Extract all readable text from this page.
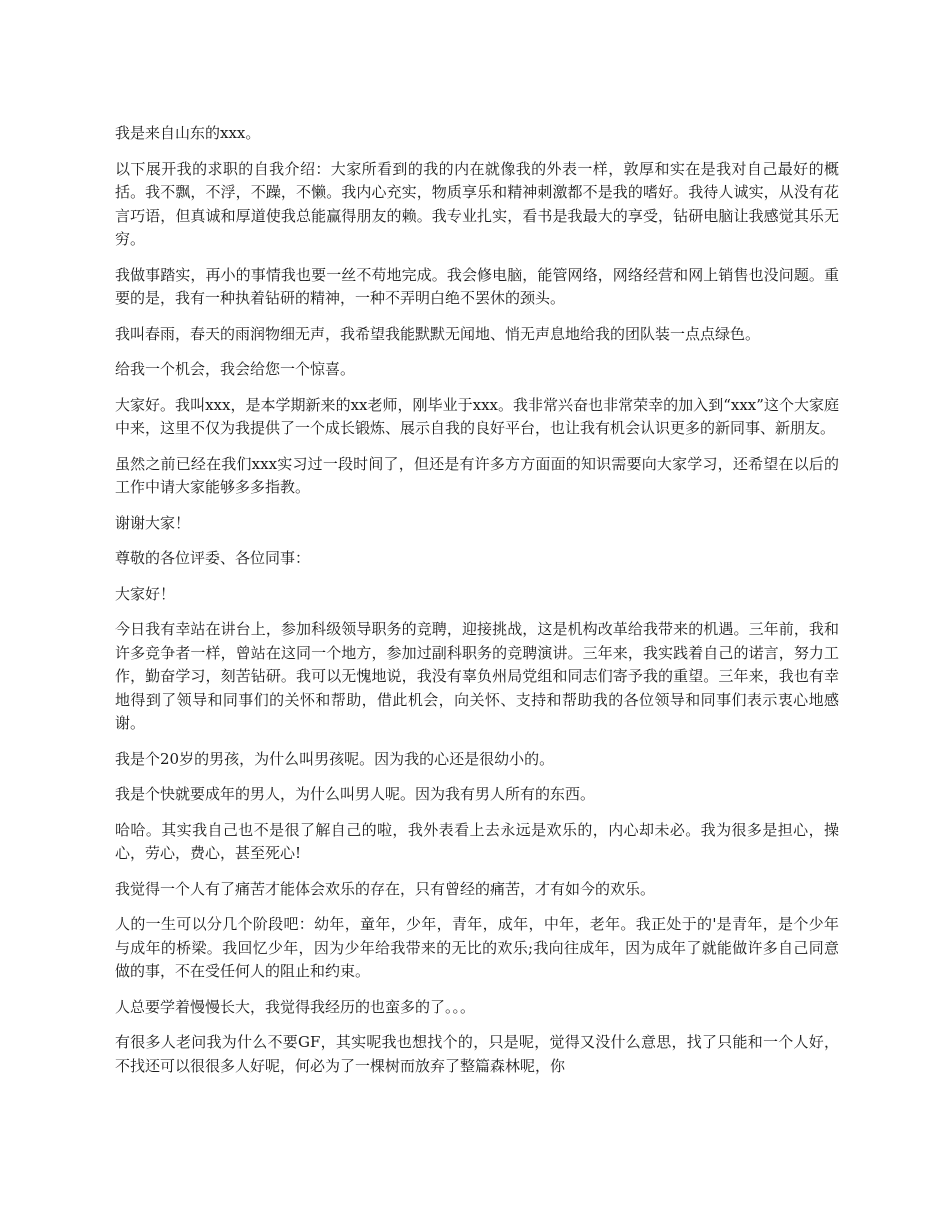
我是来自山东的xxx。

以下展开我的求职的自我介绍：大家所看到的我的内在就像我的外表一样，敦厚和实在是我对自己最好的概括。我不飘，不浮，不躁，不懒。我内心充实，物质享乐和精神刺激都不是我的嗜好。我待人诚实，从没有花言巧语，但真诚和厚道使我总能赢得朋友的赖。我专业扎实，看书是我最大的享受，钻研电脑让我感觉其乐无穷。

我做事踏实，再小的事情我也要一丝不苟地完成。我会修电脑，能管网络，网络经营和网上销售也没问题。重要的是，我有一种执着钻研的精神，一种不弄明白绝不罢休的颈头。

我叫春雨，春天的雨润物细无声，我希望我能默默无闻地、悄无声息地给我的团队装一点点绿色。

给我一个机会，我会给您一个惊喜。

大家好。我叫xxx，是本学期新来的xx老师，刚毕业于xxx。我非常兴奋也非常荣幸的加入到“xxx”这个大家庭中来，这里不仅为我提供了一个成长锻炼、展示自我的良好平台，也让我有机会认识更多的新同事、新朋友。

虽然之前已经在我们xxx实习过一段时间了，但还是有许多方方面面的知识需要向大家学习，还希望在以后的工作中请大家能够多多指教。

谢谢大家！

尊敬的各位评委、各位同事：

大家好！

今日我有幸站在讲台上，参加科级领导职务的竞聘，迎接挑战，这是机构改革给我带来的机遇。三年前，我和许多竞争者一样，曾站在这同一个地方，参加过副科职务的竞聘演讲。三年来，我实践着自己的诺言，努力工作，勤奋学习，刻苦钻研。我可以无愧地说，我没有辜负州局党组和同志们寄予我的重望。三年来，我也有幸地得到了领导和同事们的关怀和帮助，借此机会，向关怀、支持和帮助我的各位领导和同事们表示衷心地感谢。

我是个20岁的男孩，为什么叫男孩呢。因为我的心还是很幼小的。

我是个快就要成年的男人，为什么叫男人呢。因为我有男人所有的东西。

哈哈。其实我自己也不是很了解自己的啦，我外表看上去永远是欢乐的，内心却未必。我为很多是担心，操心，劳心，费心，甚至死心!

我觉得一个人有了痛苦才能体会欢乐的存在，只有曾经的痛苦，才有如今的欢乐。

人的一生可以分几个阶段吧：幼年，童年，少年，青年，成年，中年，老年。我正处于的'是青年，是个少年与成年的桥梁。我回忆少年，因为少年给我带来的无比的欢乐;我向往成年，因为成年了就能做许多自己同意做的事，不在受任何人的阻止和约束。

人总要学着慢慢长大，我觉得我经历的也蛮多的了。。。

有很多人老问我为什么不要GF，其实呢我也想找个的，只是呢，觉得又没什么意思，找了只能和一个人好，不找还可以很很多人好呢，何必为了一棵树而放弃了整篇森林呢，你
